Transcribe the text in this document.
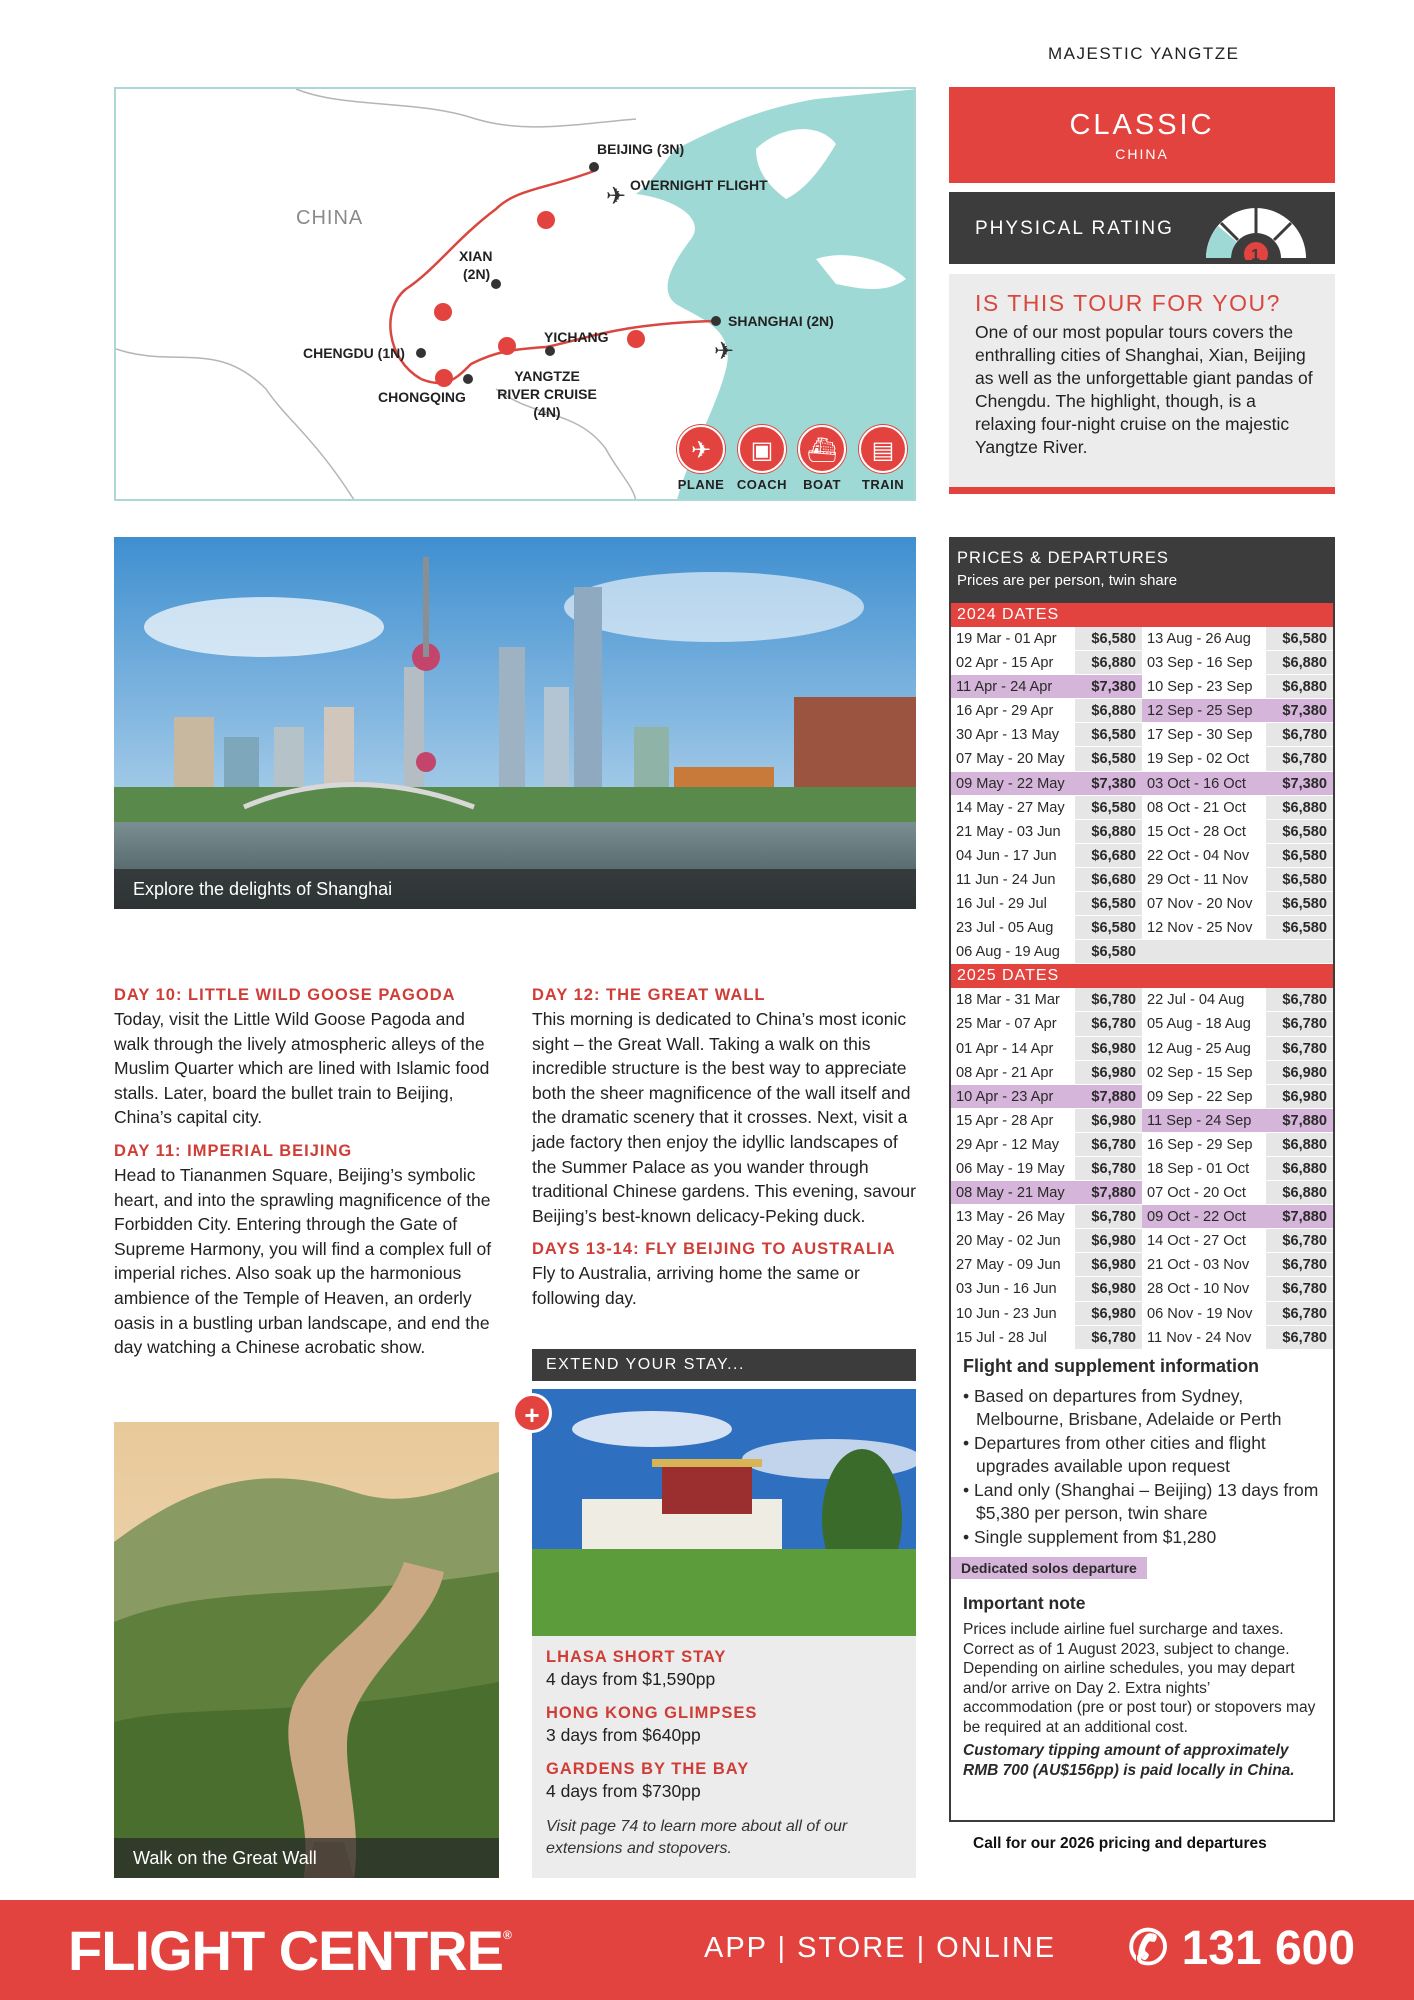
MAJESTIC YANGTZE
✈
✈
CHINA
BEIJING (3N)
OVERNIGHT FLIGHT
XIAN
(2N)
SHANGHAI (2N)
YICHANG
CHENGDU (1N)
YANGTZE
RIVER CRUISE
(4N)
CHONGQING
✈
PLANE
▣
COACH
⛴
BOAT
▤
TRAIN
CLASSIC
CHINA
PHYSICAL RATING
1
IS THIS TOUR FOR YOU?

One of our most popular tours covers the enthralling cities of Shanghai, Xian, Beijing as well as the unforgettable giant pandas of Chengdu. The highlight, though, is a relaxing four-night cruise on the majestic Yangtze River.

Explore the delights of Shanghai
DAY 10: LITTLE WILD GOOSE PAGODA
Today, visit the Little Wild Goose Pagoda and walk through the lively atmospheric alleys of the Muslim Quarter which are lined with Islamic food stalls. Later, board the bullet train to Beijing, China’s capital city.
DAY 11: IMPERIAL BEIJING
Head to Tiananmen Square, Beijing’s symbolic heart, and into the sprawling magnificence of the Forbidden City. Entering through the Gate of Supreme Harmony, you will find a complex full of imperial riches. Also soak up the harmonious ambience of the Temple of Heaven, an orderly oasis in a bustling urban landscape, and end the day watching a Chinese acrobatic show.
DAY 12: THE GREAT WALL
This morning is dedicated to China’s most iconic sight – the Great Wall. Taking a walk on this incredible structure is the best way to appreciate both the sheer magnificence of the wall itself and the dramatic scenery that it crosses. Next, visit a jade factory then enjoy the idyllic landscapes of the Summer Palace as you wander through traditional Chinese gardens. This evening, savour Beijing’s best-known delicacy-Peking duck.
DAYS 13-14: FLY BEIJING TO AUSTRALIA
Fly to Australia, arriving home the same or following day.
Walk on the Great Wall
EXTEND YOUR STAY...
+
LHASA SHORT STAY
4 days from $1,590pp
HONG KONG GLIMPSES
3 days from $640pp
GARDENS BY THE BAY
4 days from $730pp
Visit page 74 to learn more about all of our extensions and stopovers.
PRICES & DEPARTURES
Prices are per person, twin share
2024 DATES
19 Mar - 01 Apr	$6,580 13 Aug - 26 Aug	$6,580
02 Apr - 15 Apr	$6,880 03 Sep - 16 Sep	$6,880
11 Apr - 24 Apr	$7,380 10 Sep - 23 Sep	$6,880
16 Apr - 29 Apr	$6,880 12 Sep - 25 Sep	$7,380
30 Apr - 13 May	$6,580 17 Sep - 30 Sep	$6,780
07 May - 20 May	$6,580 19 Sep - 02 Oct	$6,780
09 May - 22 May	$7,380 03 Oct - 16 Oct	$7,380
14 May - 27 May	$6,580 08 Oct - 21 Oct	$6,880
21 May - 03 Jun	$6,880 15 Oct - 28 Oct	$6,580
04 Jun - 17 Jun	$6,680 22 Oct - 04 Nov	$6,580
11 Jun - 24 Jun	$6,680 29 Oct - 11 Nov	$6,580
16 Jul - 29 Jul	$6,580 07 Nov - 20 Nov	$6,580
23 Jul - 05 Aug	$6,580 12 Nov - 25 Nov	$6,580
06 Aug - 19 Aug	$6,580
2025 DATES
18 Mar - 31 Mar	$6,780 22 Jul - 04 Aug	$6,780
25 Mar - 07 Apr	$6,780 05 Aug - 18 Aug	$6,780
01 Apr - 14 Apr	$6,980 12 Aug - 25 Aug	$6,780
08 Apr - 21 Apr	$6,980 02 Sep - 15 Sep	$6,980
10 Apr - 23 Apr	$7,880 09 Sep - 22 Sep	$6,980
15 Apr - 28 Apr	$6,980 11 Sep - 24 Sep	$7,880
29 Apr - 12 May	$6,780 16 Sep - 29 Sep	$6,880
06 May - 19 May	$6,780 18 Sep - 01 Oct	$6,880
08 May - 21 May	$7,880 07 Oct - 20 Oct	$6,880
13 May - 26 May	$6,780 09 Oct - 22 Oct	$7,880
20 May - 02 Jun	$6,980 14 Oct - 27 Oct	$6,780
27 May - 09 Jun	$6,980 21 Oct - 03 Nov	$6,780
03 Jun - 16 Jun	$6,980 28 Oct - 10 Nov	$6,780
10 Jun - 23 Jun	$6,980 06 Nov - 19 Nov	$6,780
15 Jul - 28 Jul	$6,780 11 Nov - 24 Nov	$6,780
Flight and supplement information
• Based on departures from Sydney, Melbourne, Brisbane, Adelaide or Perth
• Departures from other cities and flight upgrades available upon request
• Land only (Shanghai – Beijing) 13 days from $5,380 per person, twin share
• Single supplement from $1,280
Dedicated solos departure
Important note

Prices include airline fuel surcharge and taxes. Correct as of 1 August 2023, subject to change. Depending on airline schedules, you may depart and/or arrive on Day 2. Extra nights’ accommodation (pre or post tour) or stopovers may be required at an additional cost.

Customary tipping amount of approximately RMB 700 (AU$156pp) is paid locally in China.

Call for our 2026 pricing and departures
FLIGHT CENTRE®	APP | STORE | ONLINE ✆ 131 600
